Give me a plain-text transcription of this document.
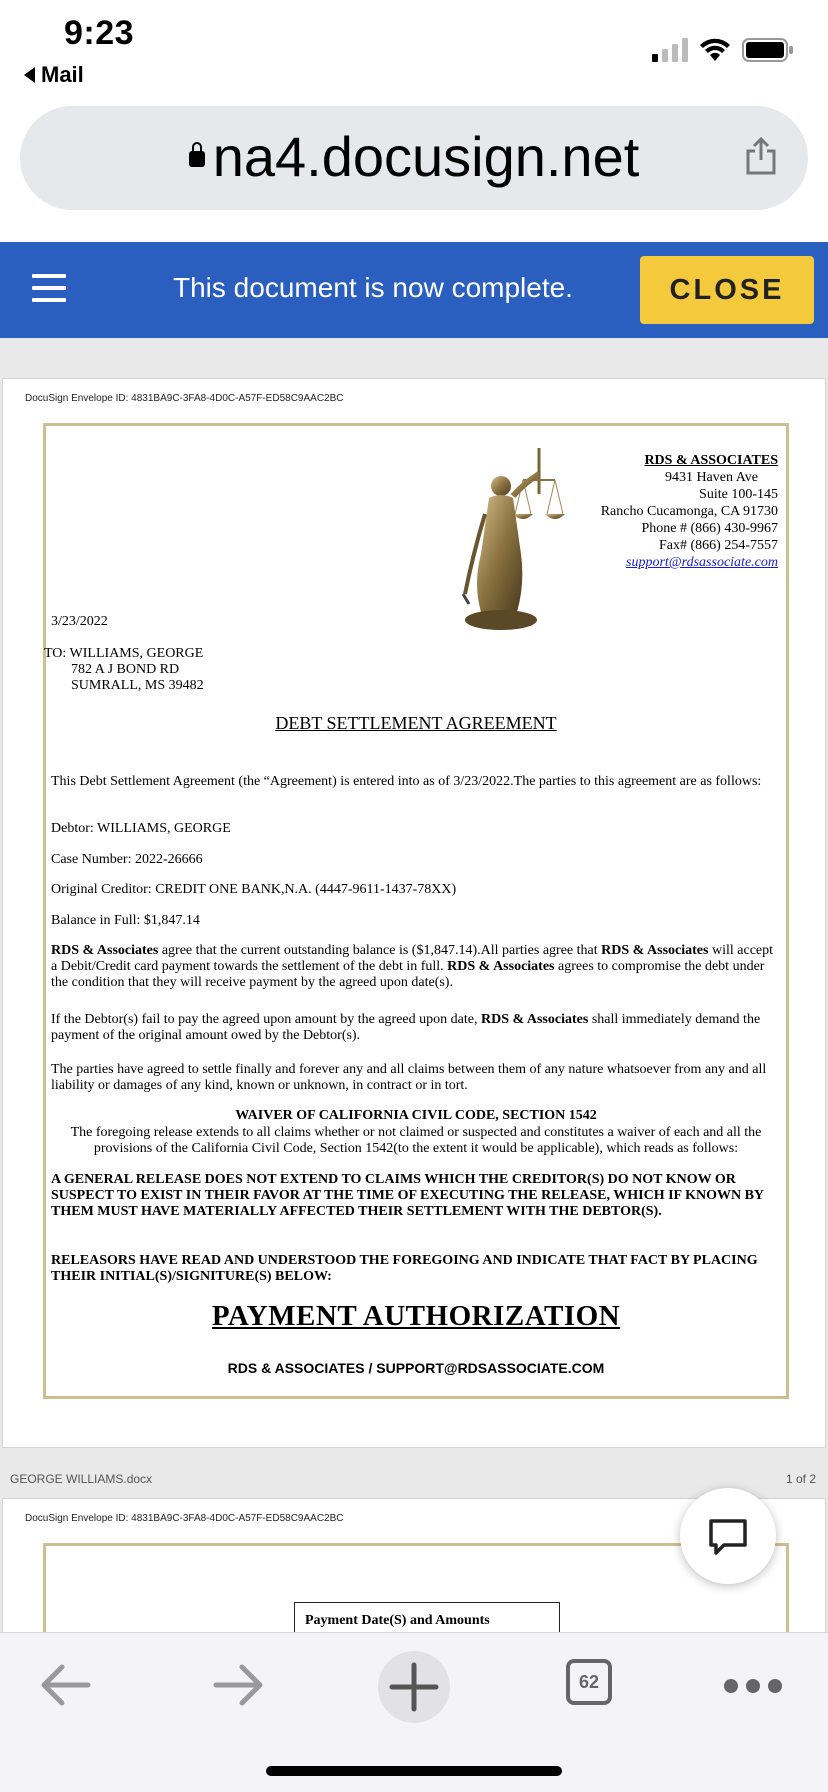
9:23
Mail
na4.docusign.net
This document is now complete.	CLOSE
DocuSign Envelope ID: 4831BA9C-3FA8-4D0C-A57F-ED58C9AAC2BC
RDS & ASSOCIATES
9431 Haven Ave
Suite 100-145
Rancho Cucamonga, CA 91730
Phone # (866) 430-9967
Fax# (866) 254-7557
support@rdsassociate.com
3/23/2022
TO: WILLIAMS, GEORGE
782 A J BOND RD
SUMRALL, MS 39482
DEBT SETTLEMENT AGREEMENT
This Debt Settlement Agreement (the “Agreement) is entered into as of 3/23/2022.The parties to this agreement are as follows:
Debtor: WILLIAMS, GEORGE
Case Number: 2022-26666
Original Creditor: CREDIT ONE BANK,N.A. (4447-9611-1437-78XX)
Balance in Full: $1,847.14
RDS & Associates agree that the current outstanding balance is ($1,847.14).All parties agree that RDS & Associates will accept a Debit/Credit card payment towards the settlement of the debt in full. RDS & Associates agrees to compromise the debt under the condition that they will receive payment by the agreed upon date(s).
If the Debtor(s) fail to pay the agreed upon amount by the agreed upon date, RDS & Associates shall immediately demand the payment of the original amount owed by the Debtor(s).
The parties have agreed to settle finally and forever any and all claims between them of any nature whatsoever from any and all liability or damages of any kind, known or unknown, in contract or in tort.
WAIVER OF CALIFORNIA CIVIL CODE, SECTION 1542
The foregoing release extends to all claims whether or not claimed or suspected and constitutes a waiver of each and all the provisions of the California Civil Code, Section 1542(to the extent it would be applicable), which reads as follows:
A GENERAL RELEASE DOES NOT EXTEND TO CLAIMS WHICH THE CREDITOR(S) DO NOT KNOW OR SUSPECT TO EXIST IN THEIR FAVOR AT THE TIME OF EXECUTING THE RELEASE, WHICH IF KNOWN BY THEM MUST HAVE MATERIALLY AFFECTED THEIR SETTLEMENT WITH THE DEBTOR(S).
RELEASORS HAVE READ AND UNDERSTOOD THE FOREGOING AND INDICATE THAT FACT BY PLACING THEIR INITIAL(S)/SIGNITURE(S) BELOW:
PAYMENT AUTHORIZATION
RDS & ASSOCIATES / SUPPORT@RDSASSOCIATE.COM
GEORGE WILLIAMS.docx	1 of 2
DocuSign Envelope ID: 4831BA9C-3FA8-4D0C-A57F-ED58C9AAC2BC
Payment Date(S) and Amounts
62
